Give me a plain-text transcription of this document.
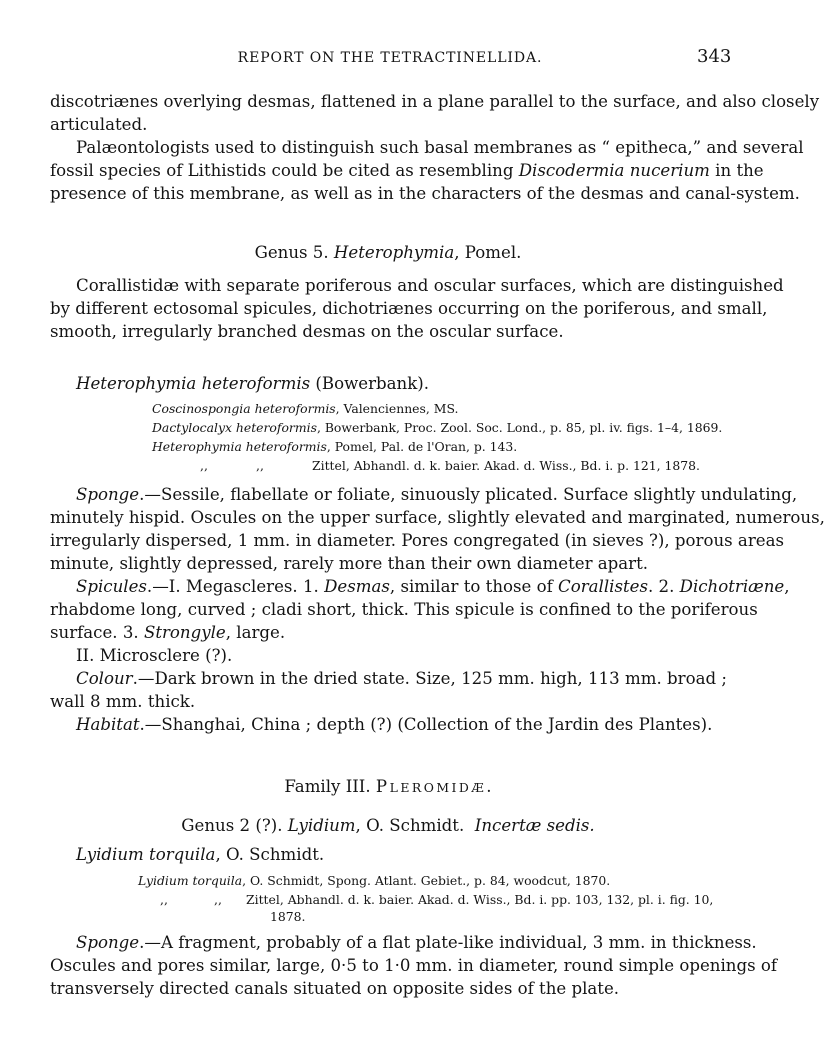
REPORT ON THE TETRACTINELLIDA.	343
discotriænes overlying desmas, flattened in a plane parallel to the surface, and also closely
articulated.
Palæontologists used to distinguish such basal membranes as “ epitheca,” and several
fossil species of Lithistids could be cited as resembling Discodermia nucerium in the
presence of this membrane, as well as in the characters of the desmas and canal-system.
Genus 5. Heterophymia, Pomel.
Corallistidæ with separate poriferous and oscular surfaces, which are distinguished
by different ectosomal spicules, dichotriænes occurring on the poriferous, and small,
smooth, irregularly branched desmas on the oscular surface.
Heterophymia heteroformis (Bowerbank).
Coscinospongia heteroformis, Valenciennes, MS.
Dactylocalyx heteroformis, Bowerbank, Proc. Zool. Soc. Lond., p. 85, pl. iv. figs. 1–4, 1869.
Heterophymia heteroformis, Pomel, Pal. de l'Oran, p. 143.
,,	,,	Zittel, Abhandl. d. k. baier. Akad. d. Wiss., Bd. i. p. 121, 1878.
Sponge.—Sessile, flabellate or foliate, sinuously plicated. Surface slightly undulating,
minutely hispid. Oscules on the upper surface, slightly elevated and marginated, numerous,
irregularly dispersed, 1 mm. in diameter. Pores congregated (in sieves ?), porous areas
minute, slightly depressed, rarely more than their own diameter apart.
Spicules.—I. Megascleres. 1. Desmas, similar to those of Corallistes. 2. Dichotriæne,
rhabdome long, curved ; cladi short, thick. This spicule is confined to the poriferous
surface. 3. Strongyle, large.
II. Microsclere (?).
Colour.—Dark brown in the dried state. Size, 125 mm. high, 113 mm. broad ;
wall 8 mm. thick.
Habitat.—Shanghai, China ; depth (?) (Collection of the Jardin des Plantes).
Family III. PLEROMIDÆ.
Genus 2 (?). Lyidium, O. Schmidt. Incertæ sedis.
Lyidium torquila, O. Schmidt.
Lyidium torquila, O. Schmidt, Spong. Atlant. Gebiet., p. 84, woodcut, 1870.
,,	,, Zittel, Abhandl. d. k. baier. Akad. d. Wiss., Bd. i. pp. 103, 132, pl. i. fig. 10,
1878.
Sponge.—A fragment, probably of a flat plate-like individual, 3 mm. in thickness.
Oscules and pores similar, large, 0·5 to 1·0 mm. in diameter, round simple openings of
transversely directed canals situated on opposite sides of the plate.
